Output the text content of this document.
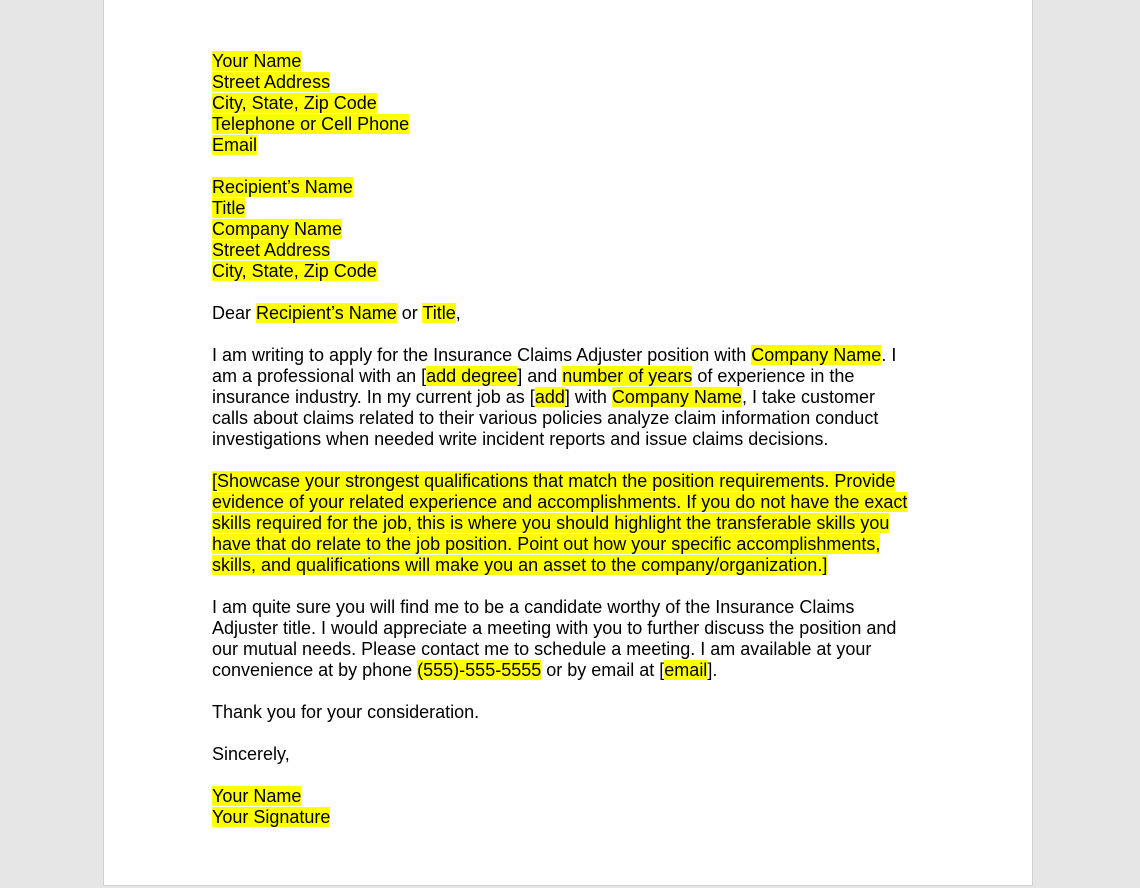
Your Name
Street Address
City, State, Zip Code
Telephone or Cell Phone
Email
Recipient’s Name
Title
Company Name
Street Address
City, State, Zip Code

Dear Recipient’s Name or Title,

I am writing to apply for the Insurance Claims Adjuster position with Company Name. I
am a professional with an [add degree] and number of years of experience in the
insurance industry. In my current job as [add] with Company Name, I take customer
calls about claims related to their various policies analyze claim information conduct
investigations when needed write incident reports and issue claims decisions.

[Showcase your strongest qualifications that match the position requirements. Provide
evidence of your related experience and accomplishments. If you do not have the exact
skills required for the job, this is where you should highlight the transferable skills you
have that do relate to the job position. Point out how your specific accomplishments,
skills, and qualifications will make you an asset to the company/organization.]

I am quite sure you will find me to be a candidate worthy of the Insurance Claims
Adjuster title. I would appreciate a meeting with you to further discuss the position and
our mutual needs. Please contact me to schedule a meeting. I am available at your
convenience at by phone (555)-555-5555 or by email at [email].

Thank you for your consideration.

Sincerely,

Your Name
Your Signature
